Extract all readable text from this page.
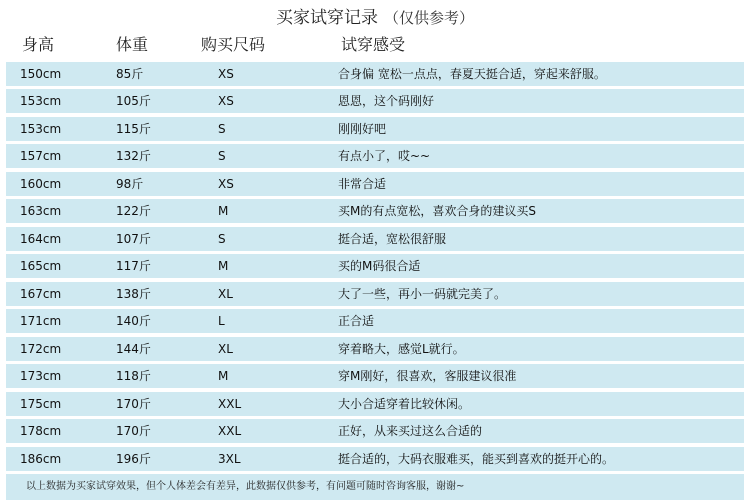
买家试穿记录 （仅供参考）
身高	体重	购买尺码	试穿感受
150cm	85斤	XS	合身偏 宽松一点点，春夏天挺合适，穿起来舒服。
153cm	105斤	XS	恩恩，这个码刚好
153cm	115斤	S	刚刚好吧
157cm	132斤	S	有点小了，哎~~
160cm	98斤	XS	非常合适
163cm	122斤	M	买M的有点宽松，喜欢合身的建议买S
164cm	107斤	S	挺合适，宽松很舒服
165cm	117斤	M	买的M码很合适
167cm	138斤	XL	大了一些，再小一码就完美了。
171cm	140斤	L	正合适
172cm	144斤	XL	穿着略大，感觉L就行。
173cm	118斤	M	穿M刚好，很喜欢，客服建议很准
175cm	170斤	XXL	大小合适穿着比较休闲。
178cm	170斤	XXL	正好，从来买过这么合适的
186cm	196斤	3XL	挺合适的，大码衣服难买，能买到喜欢的挺开心的。
以上数据为买家试穿效果，但个人体差会有差异，此数据仅供参考，有问题可随时咨询客服，谢谢~
